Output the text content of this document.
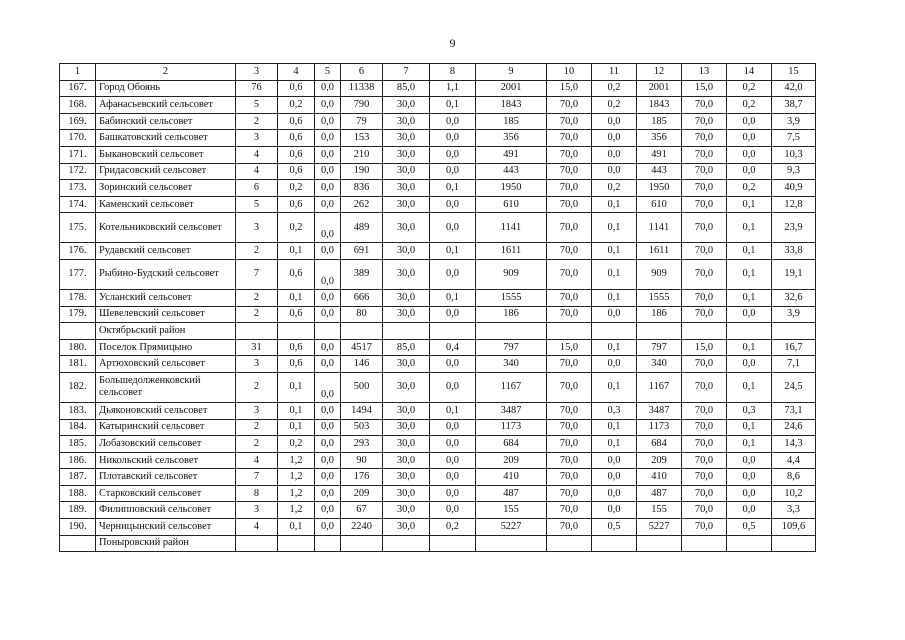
9
1	2	3	4	5	6	7	8	9	10	11	12	13	14	15
167.	Город Обоянь	76	0,6	0,0	11338	85,0	1,1	2001	15,0	0,2	2001	15,0	0,2	42,0
168.	Афанасьевский сельсовет	5	0,2	0,0	790	30,0	0,1	1843	70,0	0,2	1843	70,0	0,2	38,7
169.	Бабинский сельсовет	2	0,6	0,0	79	30,0	0,0	185	70,0	0,0	185	70,0	0,0	3,9
170.	Башкатовский сельсовет	3	0,6	0,0	153	30,0	0,0	356	70,0	0,0	356	70,0	0,0	7,5
171.	Быкановский сельсовет	4	0,6	0,0	210	30,0	0,0	491	70,0	0,0	491	70,0	0,0	10,3
172.	Гридасовский сельсовет	4	0,6	0,0	190	30,0	0,0	443	70,0	0,0	443	70,0	0,0	9,3
173.	Зоринский сельсовет	6	0,2	0,0	836	30,0	0,1	1950	70,0	0,2	1950	70,0	0,2	40,9
174.	Каменский сельсовет	5	0,6	0,0	262	30,0	0,0	610	70,0	0,1	610	70,0	0,1	12,8
175.	Котельниковский сельсовет	3	0,2	0,0	489	30,0	0,0	1141	70,0	0,1	1141	70,0	0,1	23,9
176.	Рудавский сельсовет	2	0,1	0,0	691	30,0	0,1	1611	70,0	0,1	1611	70,0	0,1	33,8
177.	Рыбино-Будский сельсовет	7	0,6	0,0	389	30,0	0,0	909	70,0	0,1	909	70,0	0,1	19,1
178.	Усланский сельсовет	2	0,1	0,0	666	30,0	0,1	1555	70,0	0,1	1555	70,0	0,1	32,6
179.	Шевелевский сельсовет	2	0,6	0,0	80	30,0	0,0	186	70,0	0,0	186	70,0	0,0	3,9
	Октябрьский район													
180.	Поселок Прямицыно	31	0,6	0,0	4517	85,0	0,4	797	15,0	0,1	797	15,0	0,1	16,7
181.	Артюховский сельсовет	3	0,6	0,0	146	30,0	0,0	340	70,0	0,0	340	70,0	0,0	7,1
182.	Большедолженковский сельсовет	2	0,1	0,0	500	30,0	0,0	1167	70,0	0,1	1167	70,0	0,1	24,5
183.	Дьяконовский сельсовет	3	0,1	0,0	1494	30,0	0,1	3487	70,0	0,3	3487	70,0	0,3	73,1
184.	Катыринский сельсовет	2	0,1	0,0	503	30,0	0,0	1173	70,0	0,1	1173	70,0	0,1	24,6
185.	Лобазовский сельсовет	2	0,2	0,0	293	30,0	0,0	684	70,0	0,1	684	70,0	0,1	14,3
186.	Никольский сельсовет	4	1,2	0,0	90	30,0	0,0	209	70,0	0,0	209	70,0	0,0	4,4
187.	Плотавский сельсовет	7	1,2	0,0	176	30,0	0,0	410	70,0	0,0	410	70,0	0,0	8,6
188.	Старковский сельсовет	8	1,2	0,0	209	30,0	0,0	487	70,0	0,0	487	70,0	0,0	10,2
189.	Филипповский сельсовет	3	1,2	0,0	67	30,0	0,0	155	70,0	0,0	155	70,0	0,0	3,3
190.	Черницынский сельсовет	4	0,1	0,0	2240	30,0	0,2	5227	70,0	0,5	5227	70,0	0,5	109,6
	Поныровский район													
